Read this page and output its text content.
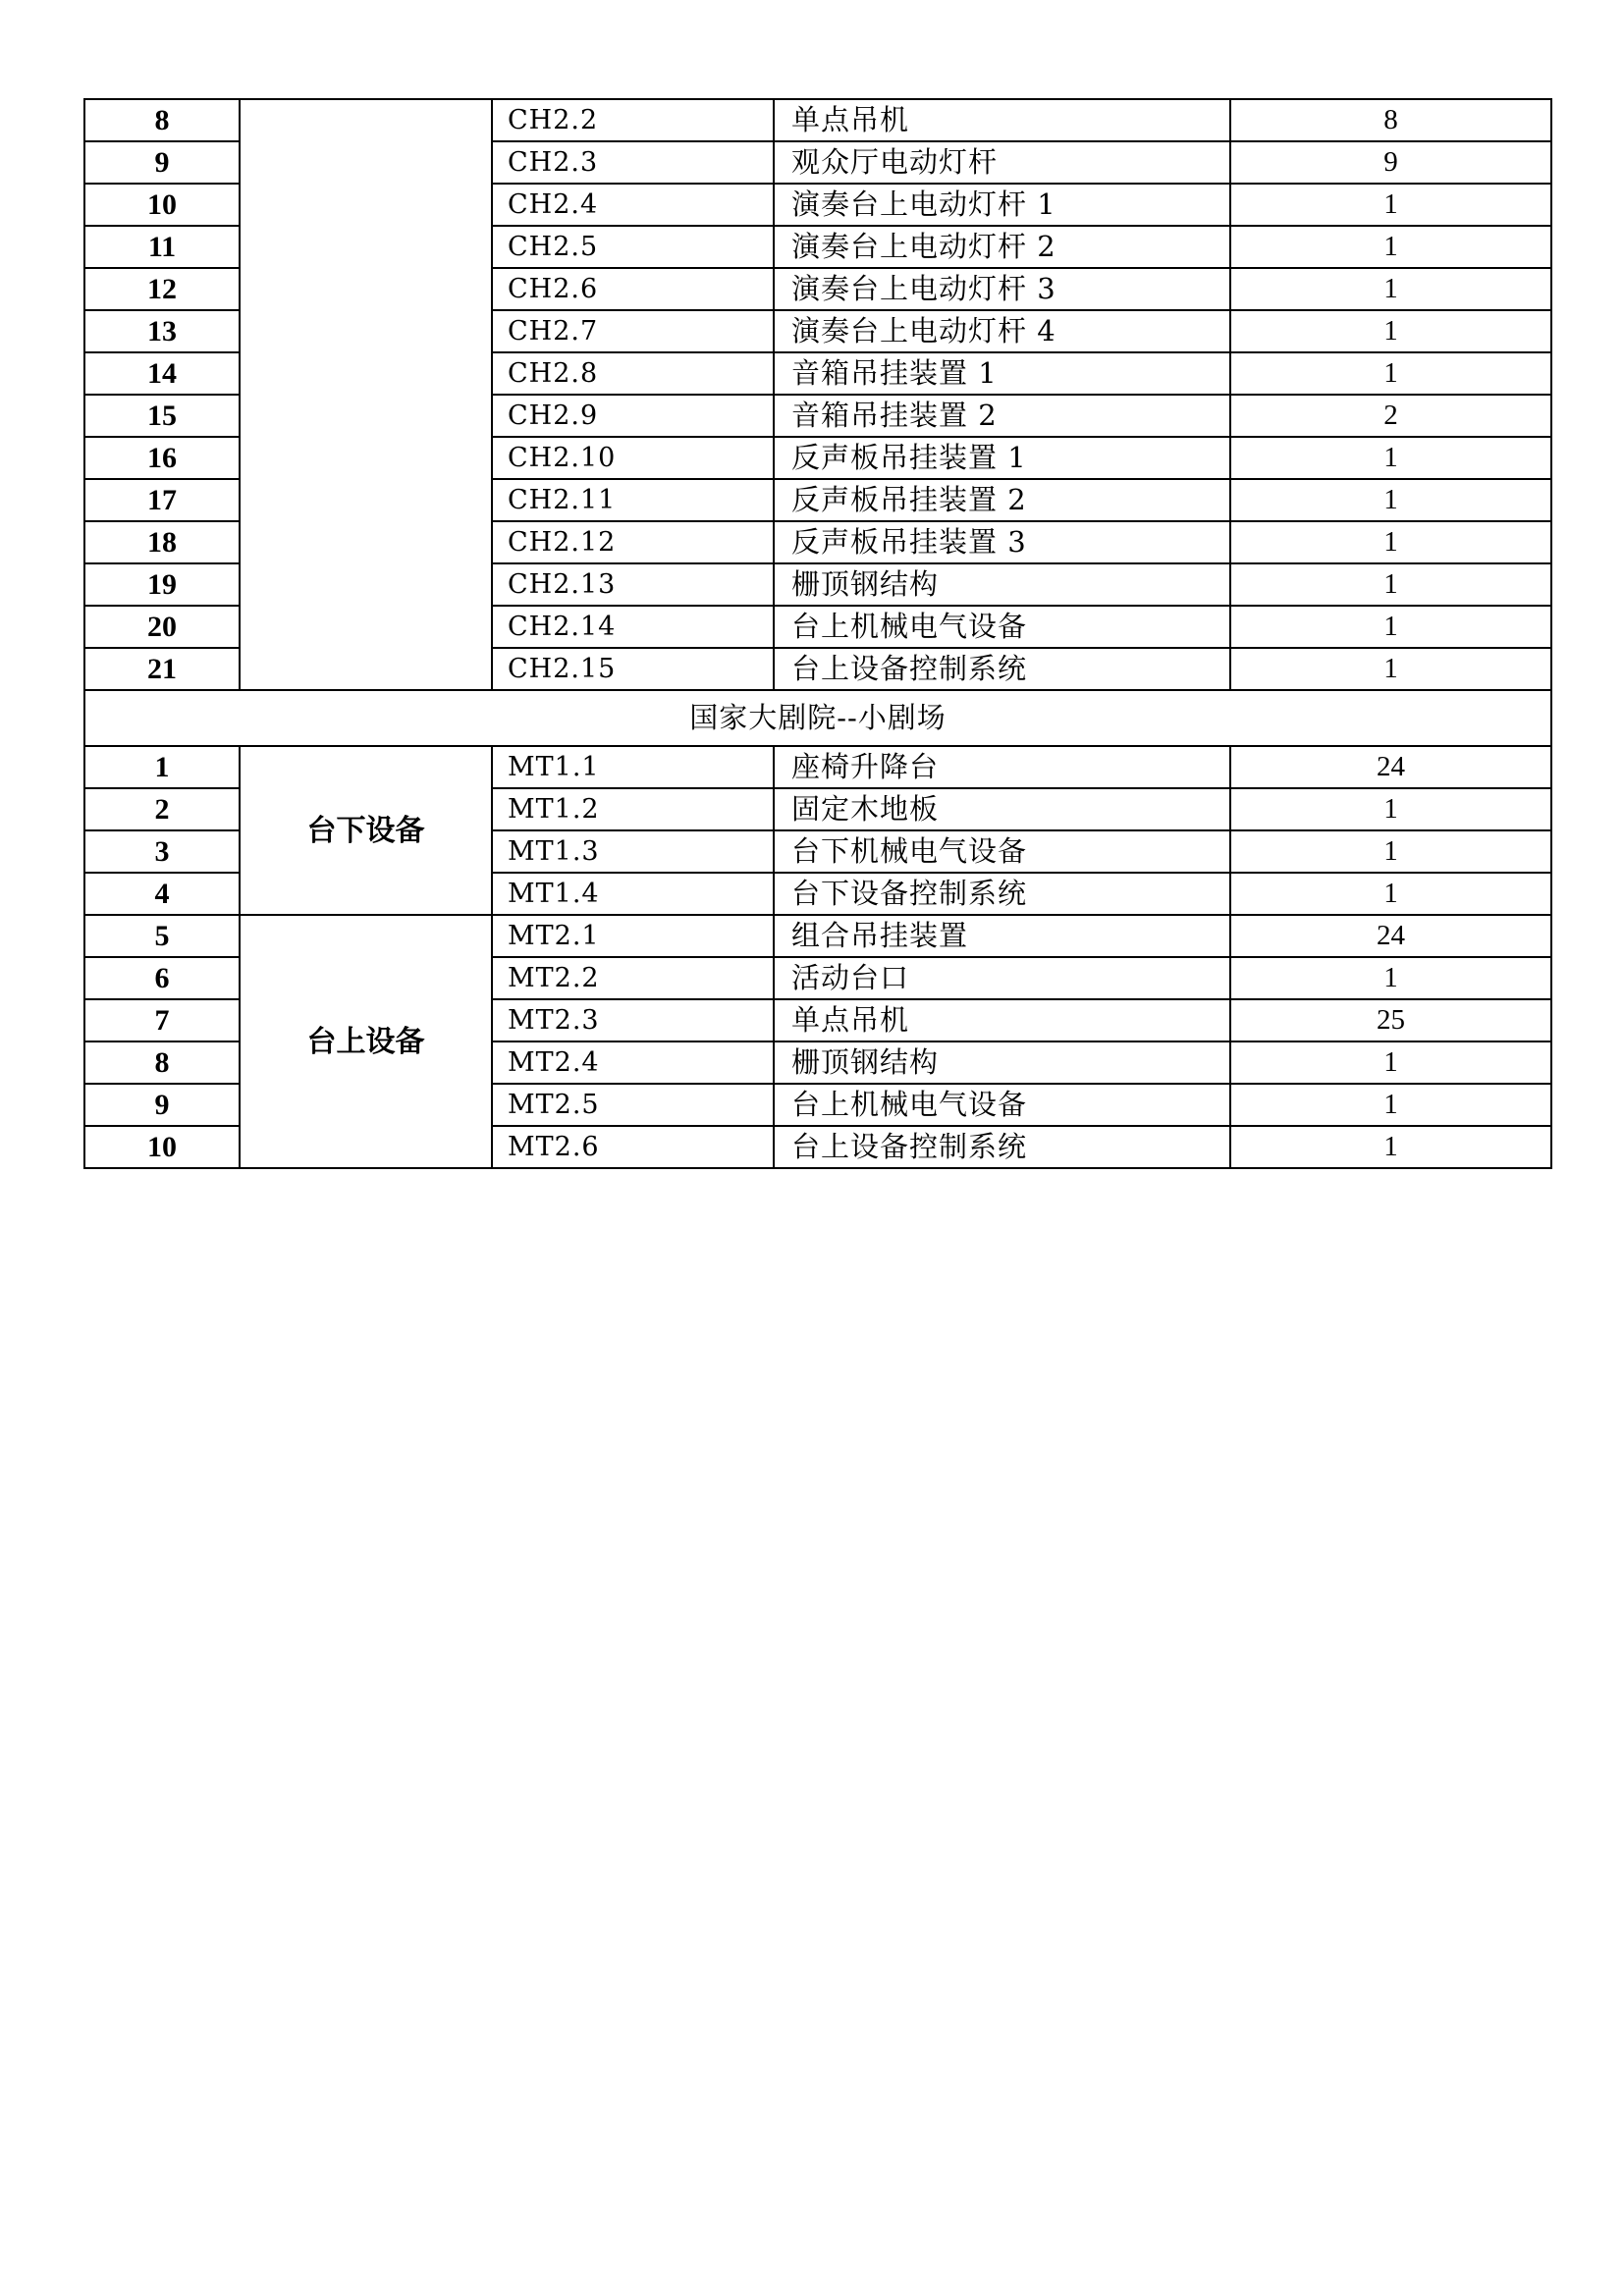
8		CH2.2	单点吊机	8
9		CH2.3	观众厅电动灯杆	9
10		CH2.4	演奏台上电动灯杆 1	1
11		CH2.5	演奏台上电动灯杆 2	1
12		CH2.6	演奏台上电动灯杆 3	1
13		CH2.7	演奏台上电动灯杆 4	1
14		CH2.8	音箱吊挂装置 1	1
15		CH2.9	音箱吊挂装置 2	2
16		CH2.10	反声板吊挂装置 1	1
17		CH2.11	反声板吊挂装置 2	1
18		CH2.12	反声板吊挂装置 3	1
19		CH2.13	栅顶钢结构	1
20		CH2.14	台上机械电气设备	1
21		CH2.15	台上设备控制系统	1
国家大剧院--小剧场				
1	台下设备	MT1.1	座椅升降台	24
2		MT1.2	固定木地板	1
3		MT1.3	台下机械电气设备	1
4		MT1.4	台下设备控制系统	1
5	台上设备	MT2.1	组合吊挂装置	24
6		MT2.2	活动台口	1
7		MT2.3	单点吊机	25
8		MT2.4	栅顶钢结构	1
9		MT2.5	台上机械电气设备	1
10		MT2.6	台上设备控制系统	1
